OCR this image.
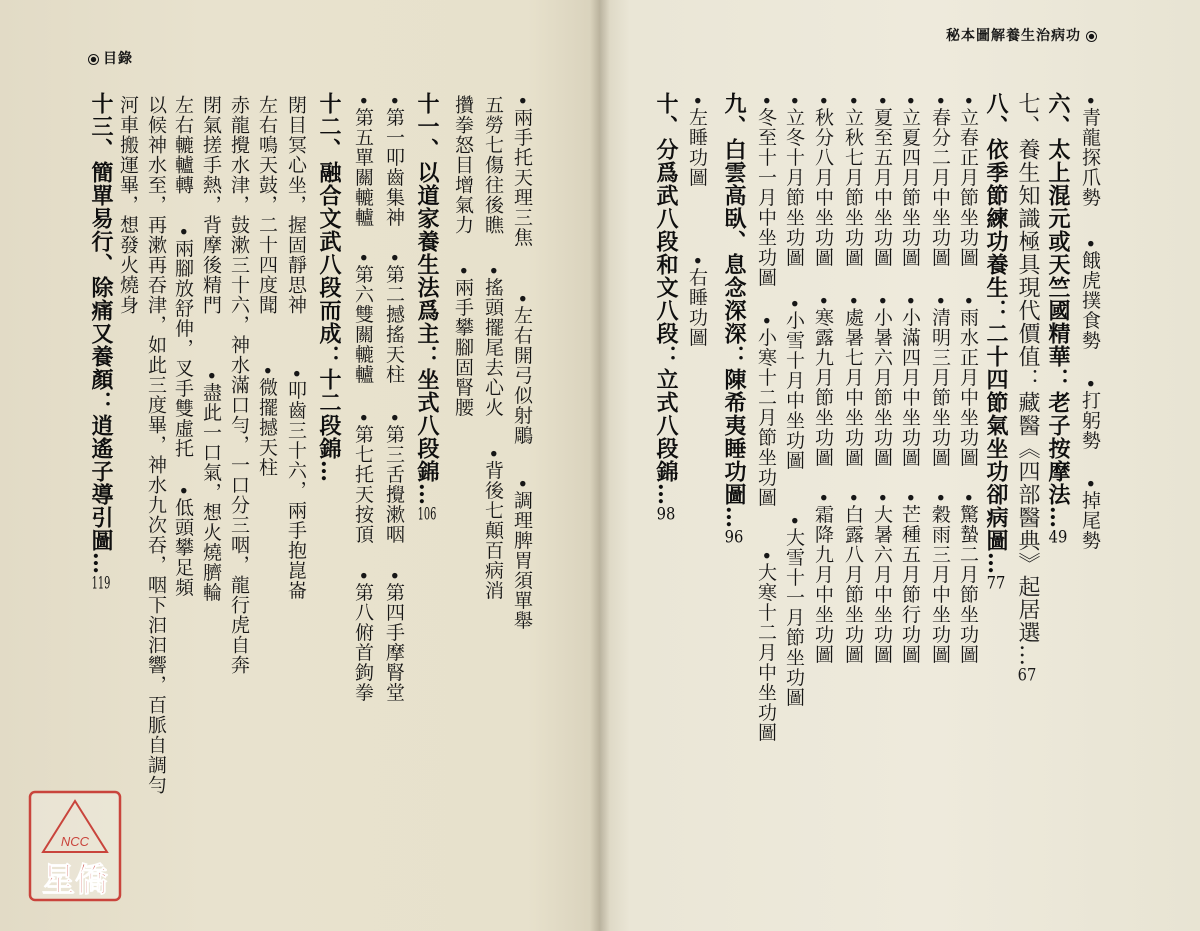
秘本圖解養生治病功
目錄
•青龍探爪勢
•餓虎撲食勢
•打躬勢
•掉尾勢
六、太上混元或天竺國精華：老子按摩法…49
七、養生知識極具現代價值：藏醫《四部醫典》起居選…67
八、依季節練功養生：二十四節氣坐功卻病圖…77
•立春正月節坐功圖
•雨水正月中坐功圖
•驚蟄二月節坐功圖
•春分二月中坐功圖
•清明三月節坐功圖
•穀雨三月中坐功圖
•立夏四月節坐功圖
•小滿四月中坐功圖
•芒種五月節行功圖
•夏至五月中坐功圖
•小暑六月節坐功圖
•大暑六月中坐功圖
•立秋七月節坐功圖
•處暑七月中坐功圖
•白露八月節坐功圖
•秋分八月中坐功圖
•寒露九月節坐功圖
•霜降九月中坐功圖
•立冬十月節坐功圖
•小雪十月中坐功圖
•大雪十一月節坐功圖
•冬至十一月中坐功圖
•小寒十二月節坐功圖
•大寒十二月中坐功圖
九、白雲高臥、息念深深：陳希夷睡功圖…96
•左睡功圖
•右睡功圖
十、分爲武八段和文八段：立式八段錦…98
•兩手托天理三焦
•左右開弓似射鵰
•調理脾胃須單舉
五勞七傷往後瞧
•搖頭擺尾去心火
•背後七顛百病消
攢拳怒目增氣力
•兩手攀腳固腎腰
十一、以道家養生法爲主：坐式八段錦…106
•第一叩齒集神
•第二撼搖天柱
•第三舌攪漱咽
•第四手摩腎堂
•第五單關轆轤
•第六雙關轆轤
•第七托天按頂
•第八俯首鉤拳
十二、融合文武八段而成：十二段錦…
閉目冥心坐，握固靜思神
•叩齒三十六，兩手抱崑崙
左右鳴天鼓，二十四度聞
•微擺撼天柱
赤龍攪水津，鼓漱三十六，神水滿口勻，一口分三咽，龍行虎自奔
閉氣搓手熱，背摩後精門
•盡此一口氣，想火燒臍輪
左右轆轤轉
•兩腳放舒伸，叉手雙虛托
•低頭攀足頻
以候神水至，再漱再吞津，如此三度畢，神水九次吞，咽下汩汩響，百脈自調勻
河車搬運畢，想發火燒身
十三、簡單易行、除痛又養顏：逍遙子導引圖…119
NCC
星僑
